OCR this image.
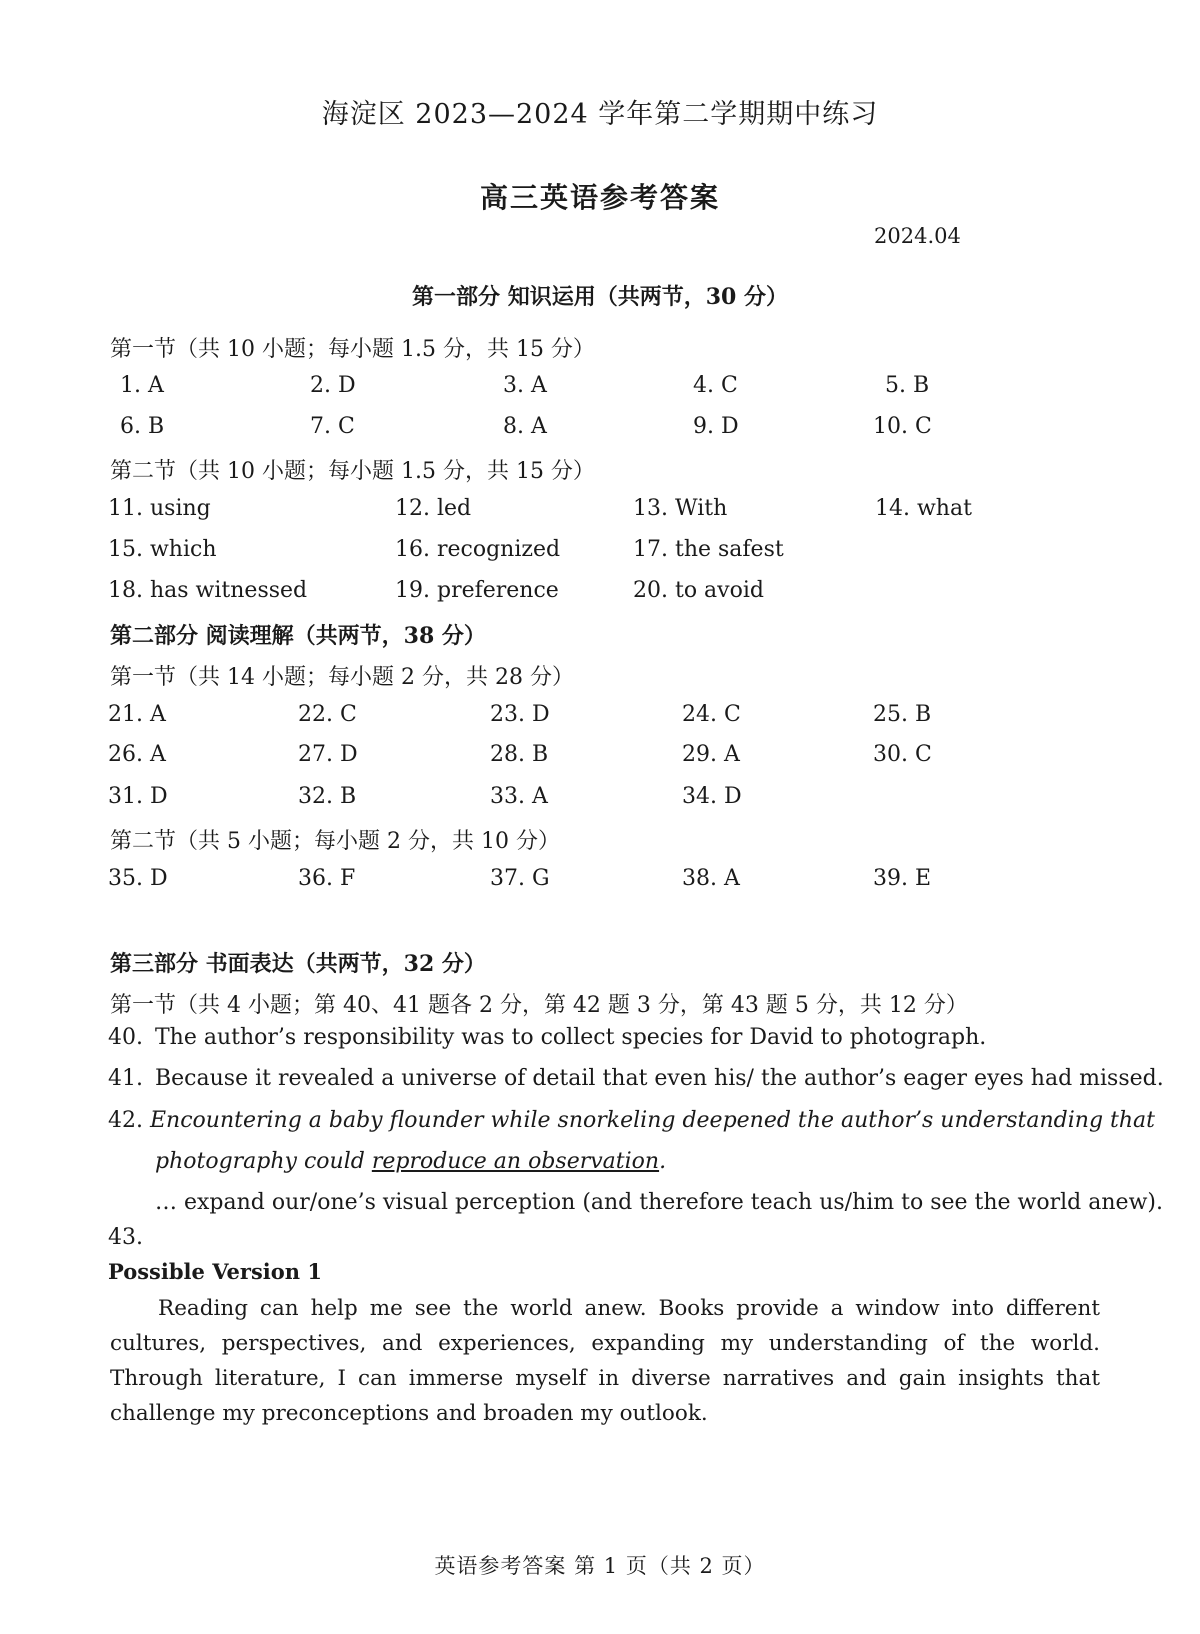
海淀区 2023—2024 学年第二学期期中练习
高三英语参考答案
2024.04
第一部分 知识运用（共两节，30 分）
第一节（共 10 小题；每小题 1.5 分，共 15 分）
1. A	2. D	3. A	4. C	5. B
6. B	7. C	8. A	9. D	10. C
第二节（共 10 小题；每小题 1.5 分，共 15 分）
11. using	12. led	13. With	14. what
15. which	16. recognized	17. the safest
18. has witnessed	19. preference	20. to avoid
第二部分 阅读理解（共两节，38 分）
第一节（共 14 小题；每小题 2 分，共 28 分）
21. A	22. C	23. D	24. C	25. B
26. A	27. D	28. B	29. A	30. C
31. D	32. B	33. A	34. D
第二节（共 5 小题；每小题 2 分，共 10 分）
35. D	36. F	37. G	38. A	39. E
第三部分 书面表达（共两节，32 分）
第一节（共 4 小题；第 40、41 题各 2 分，第 42 题 3 分，第 43 题 5 分，共 12 分）
40. The author’s responsibility was to collect species for David to photograph.
41. Because it revealed a universe of detail that even his/ the author’s eager eyes had missed.
42. Encountering a baby flounder while snorkeling deepened the author’s understanding that
photography could reproduce an observation.
… expand our/one’s visual perception (and therefore teach us/him to see the world anew).
43.
Possible Version 1
Reading can help me see the world anew. Books provide a window into different cultures, perspectives, and experiences, expanding my understanding of the world. Through literature, I can immerse myself in diverse narratives and gain insights that challenge my preconceptions and broaden my outlook.
英语参考答案 第 1 页（共 2 页）
